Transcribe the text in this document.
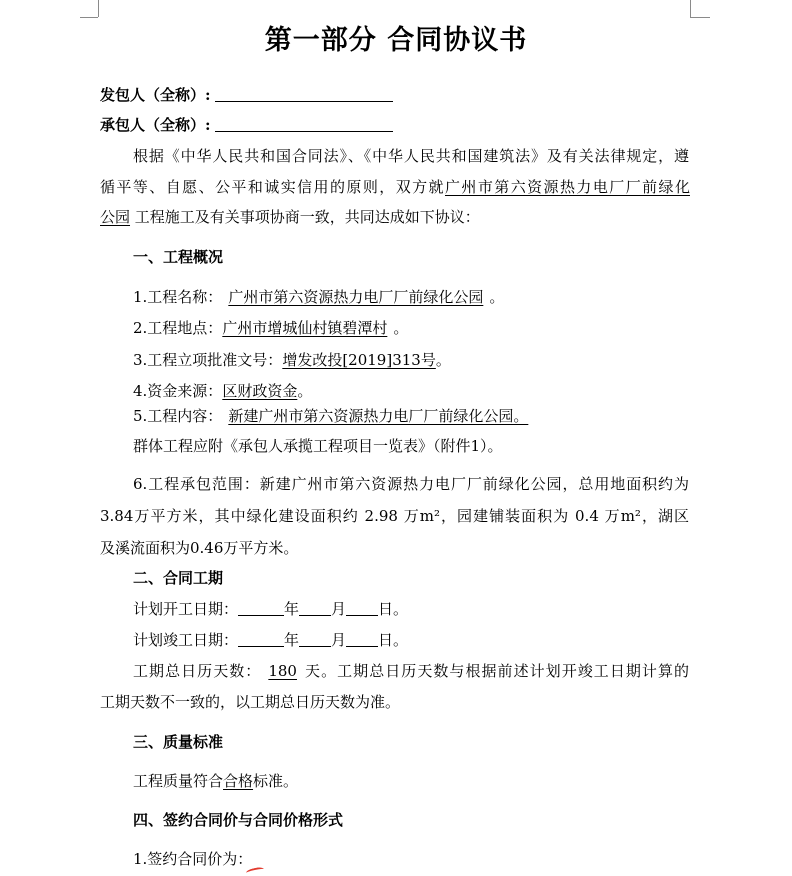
第一部分 合同协议书
发包人（全称）:
承包人（全称）:
根据《中华人民共和国合同法》、《中华人民共和国建筑法》及有关法律规定，遵
循平等、自愿、公平和诚实信用的原则，双方就广州市第六资源热力电厂厂前绿化
公园 工程施工及有关事项协商一致，共同达成如下协议：
一、工程概况
1.工程名称： 广州市第六资源热力电厂厂前绿化公园 。
2.工程地点：广州市增城仙村镇碧潭村 。
3.工程立项批准文号：增发改投[2019]313号。
4.资金来源：区财政资金。
5.工程内容： 新建广州市第六资源热力电厂厂前绿化公园。
群体工程应附《承包人承揽工程项目一览表》（附件1）。
6.工程承包范围：新建广州市第六资源热力电厂厂前绿化公园，总用地面积约为
3.84万平方米，其中绿化建设面积约 2.98 万m²，园建铺装面积为 0.4 万m²，湖区
及溪流面积为0.46万平方米。
二、合同工期
计划开工日期：	年 月 日。
计划竣工日期：	年 月 日。
工期总日历天数： 180 天。工期总日历天数与根据前述计划开竣工日期计算的
工期天数不一致的，以工期总日历天数为准。
三、质量标准
工程质量符合合格标准。
四、签约合同价与合同价格形式
1.签约合同价为：
